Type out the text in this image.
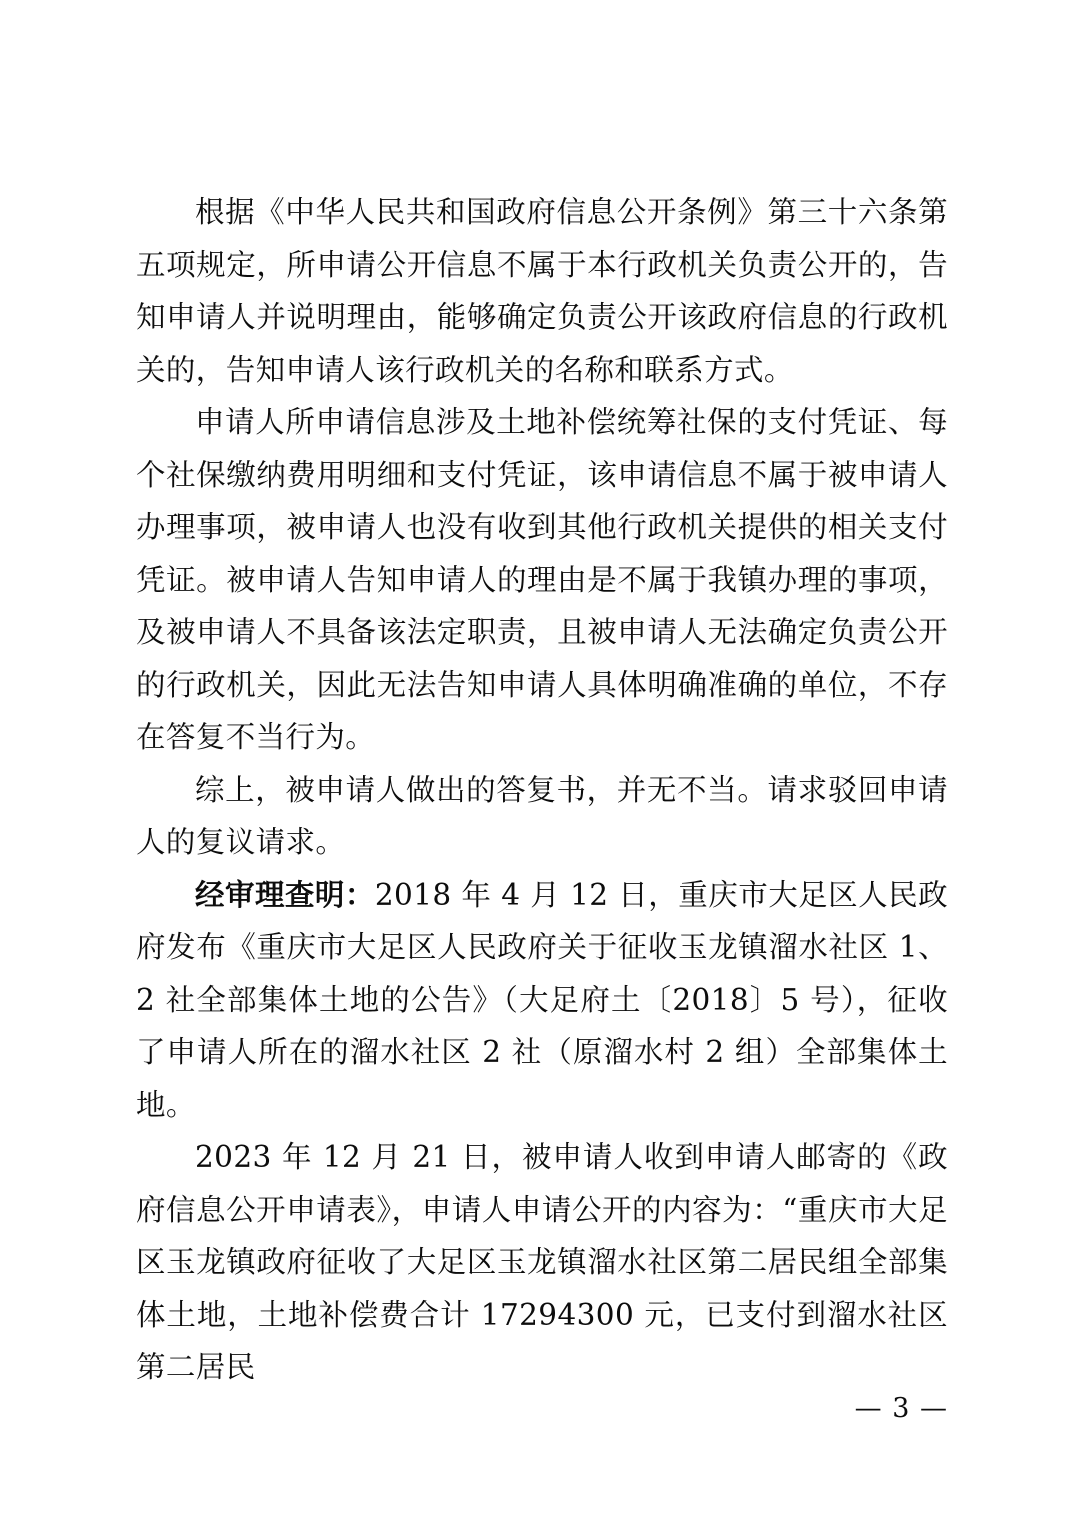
根据《中华人民共和国政府信息公开条例》第三十六条第五项规定，所申请公开信息不属于本行政机关负责公开的，告知申请人并说明理由，能够确定负责公开该政府信息的行政机关的，告知申请人该行政机关的名称和联系方式。

申请人所申请信息涉及土地补偿统筹社保的支付凭证、每个社保缴纳费用明细和支付凭证，该申请信息不属于被申请人办理事项，被申请人也没有收到其他行政机关提供的相关支付凭证。被申请人告知申请人的理由是不属于我镇办理的事项，及被申请人不具备该法定职责，且被申请人无法确定负责公开的行政机关，因此无法告知申请人具体明确准确的单位，不存在答复不当行为。

综上，被申请人做出的答复书，并无不当。请求驳回申请人的复议请求。

经审理查明：2018 年 4 月 12 日，重庆市大足区人民政府发布《重庆市大足区人民政府关于征收玉龙镇溜水社区 1、2 社全部集体土地的公告》（大足府土〔2018〕5 号），征收了申请人所在的溜水社区 2 社（原溜水村 2 组）全部集体土地。

2023 年 12 月 21 日，被申请人收到申请人邮寄的《政府信息公开申请表》，申请人申请公开的内容为：“重庆市大足区玉龙镇政府征收了大足区玉龙镇溜水社区第二居民组全部集体土地，土地补偿费合计 17294300 元，已支付到溜水社区第二居民

— 3 —
